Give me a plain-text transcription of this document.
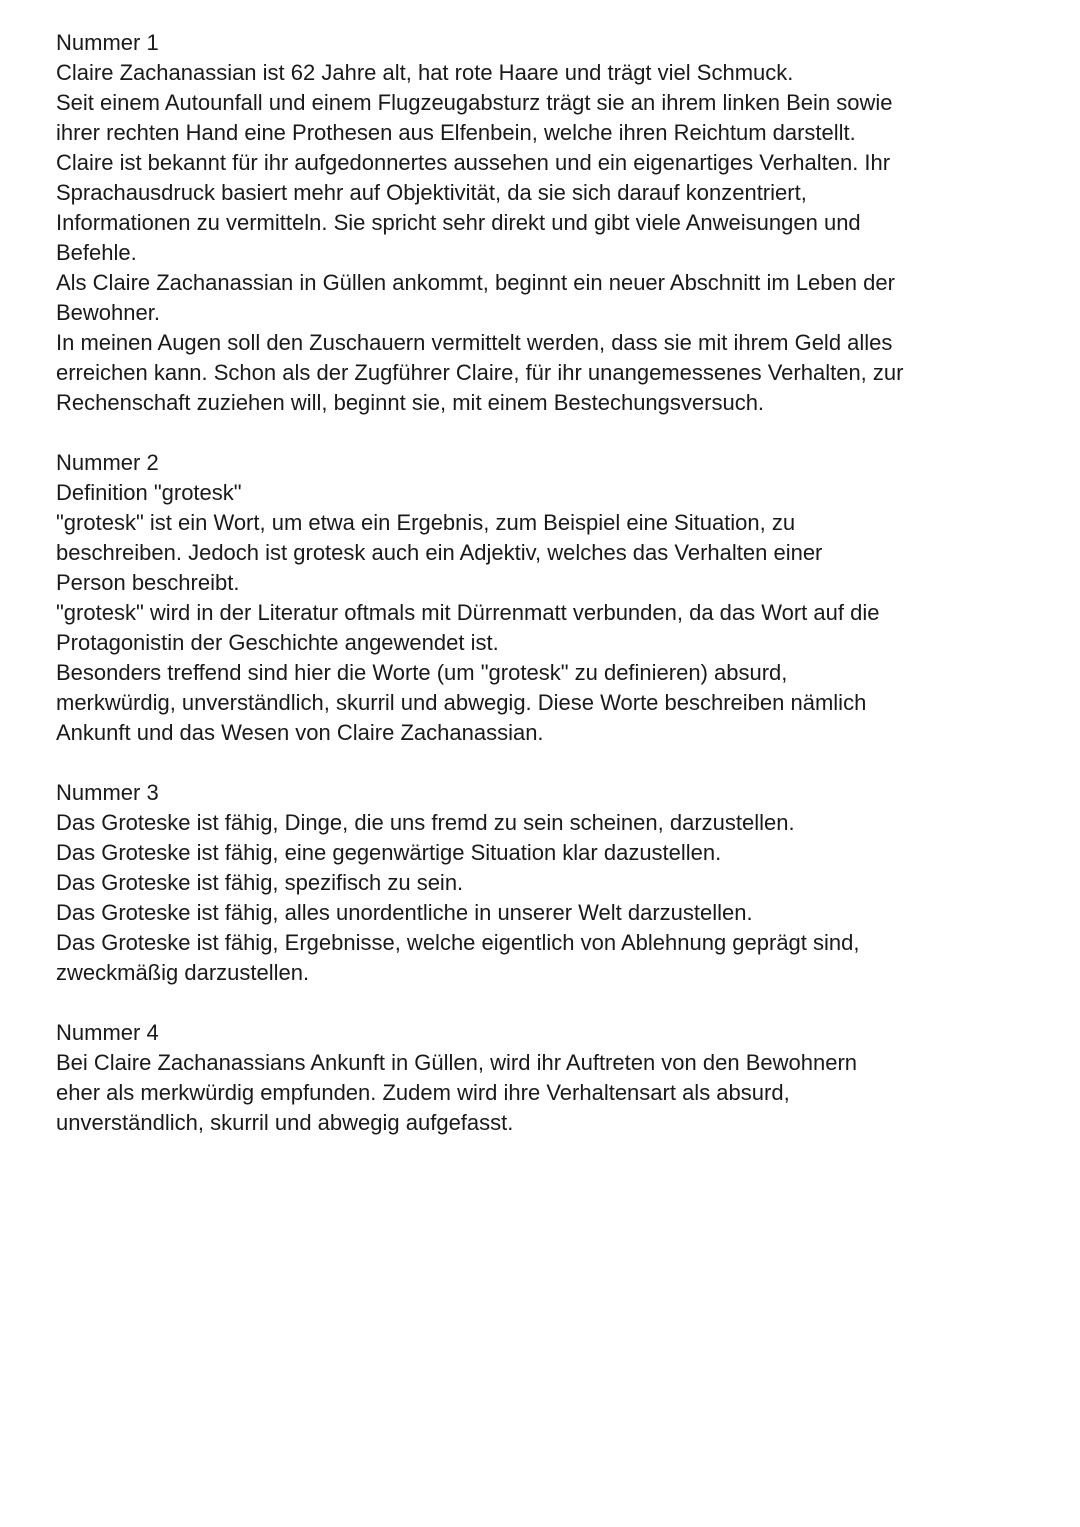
Nummer 1
Claire Zachanassian ist 62 Jahre alt, hat rote Haare und trägt viel Schmuck.
Seit einem Autounfall und einem Flugzeugabsturz trägt sie an ihrem linken Bein sowie
ihrer rechten Hand eine Prothesen aus Elfenbein, welche ihren Reichtum darstellt.
Claire ist bekannt für ihr aufgedonnertes aussehen und ein eigenartiges Verhalten. Ihr
Sprachausdruck basiert mehr auf Objektivität, da sie sich darauf konzentriert,
Informationen zu vermitteln. Sie spricht sehr direkt und gibt viele Anweisungen und
Befehle.
Als Claire Zachanassian in Güllen ankommt, beginnt ein neuer Abschnitt im Leben der
Bewohner.
In meinen Augen soll den Zuschauern vermittelt werden, dass sie mit ihrem Geld alles
erreichen kann. Schon als der Zugführer Claire, für ihr unangemessenes Verhalten, zur
Rechenschaft zuziehen will, beginnt sie, mit einem Bestechungsversuch.
Nummer 2
Definition "grotesk"
"grotesk" ist ein Wort, um etwa ein Ergebnis, zum Beispiel eine Situation, zu
beschreiben. Jedoch ist grotesk auch ein Adjektiv, welches das Verhalten einer
Person beschreibt.
"grotesk" wird in der Literatur oftmals mit Dürrenmatt verbunden, da das Wort auf die
Protagonistin der Geschichte angewendet ist.
Besonders treffend sind hier die Worte (um "grotesk" zu definieren) absurd,
merkwürdig, unverständlich, skurril und abwegig. Diese Worte beschreiben nämlich
Ankunft und das Wesen von Claire Zachanassian.
Nummer 3
Das Groteske ist fähig, Dinge, die uns fremd zu sein scheinen, darzustellen.
Das Groteske ist fähig, eine gegenwärtige Situation klar dazustellen.
Das Groteske ist fähig, spezifisch zu sein.
Das Groteske ist fähig, alles unordentliche in unserer Welt darzustellen.
Das Groteske ist fähig, Ergebnisse, welche eigentlich von Ablehnung geprägt sind,
zweckmäßig darzustellen.
Nummer 4
Bei Claire Zachanassians Ankunft in Güllen, wird ihr Auftreten von den Bewohnern
eher als merkwürdig empfunden. Zudem wird ihre Verhaltensart als absurd,
unverständlich, skurril und abwegig aufgefasst.
